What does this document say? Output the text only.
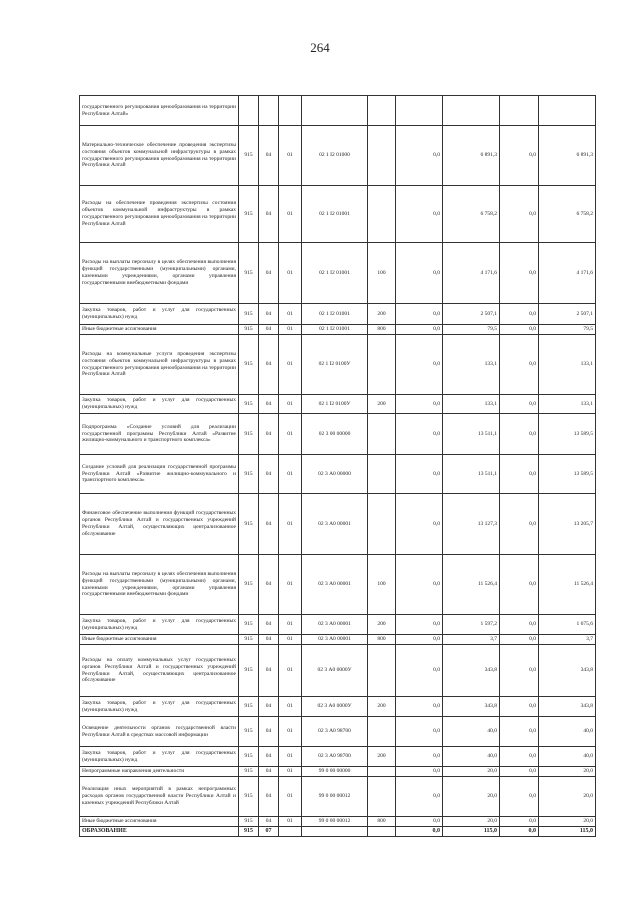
264
государственного регулирования ценообразования на территории Республики Алтай»									
Материально-техническое обеспечение проведения экспертизы состояния объектов коммунальной инфраструктуры в рамках государственного регулирования ценообразования на территории Республики Алтай	915	04	01	02 1 I2 01000		0,0	6 891,3	0,0	6 891,3
Расходы на обеспечение проведения экспертизы состояния объектов коммунальной инфраструктуры в рамках государственного регулирования ценообразования на территории Республики Алтай	915	04	01	02 1 I2 01001		0,0	6 758,2	0,0	6 758,2
Расходы на выплаты персоналу в целях обеспечения выполнения функций государственными (муниципальными) органами, казенными учреждениями, органами управления государственными внебюджетными фондами	915	04	01	02 1 I2 01001	100	0,0	4 171,6	0,0	4 171,6
Закупка товаров, работ и услуг для государственных (муниципальных) нужд	915	04	01	02 1 I2 01001	200	0,0	2 507,1	0,0	2 507,1
Иные бюджетные ассигнования	915	04	01	02 1 I2 01001	800	0,0	79,5	0,0	79,5
Расходы на коммунальные услуги проведения экспертизы состояния объектов коммунальной инфраструктуры в рамках государственного регулирования ценообразования на территории Республики Алтай	915	04	01	02 1 I2 0100У		0,0	133,1	0,0	133,1
Закупка товаров, работ и услуг для государственных (муниципальных) нужд	915	04	01	02 1 I2 0100У	200	0,0	133,1	0,0	133,1
Подпрограмма «Создание условий для реализации государственной программы Республики Алтай «Развитие жилищно-коммунального и транспортного комплекса»	915	04	01	02 3 00 00000		0,0	13 511,1	0,0	13 589,5
Создание условий для реализации государственной программы Республики Алтай «Развитие жилищно-коммунального и транспортного комплекса»	915	04	01	02 3 А0 00000		0,0	13 511,1	0,0	13 589,5
Финансовое обеспечение выполнения функций государственных органов Республики Алтай и государственных учреждений Республики Алтай, осуществляющих централизованное обслуживание	915	04	01	02 3 А0 00001		0,0	13 127,3	0,0	13 205,7
Расходы на выплаты персоналу в целях обеспечения выполнения функций государственными (муниципальными) органами, казенными учреждениями, органами управления государственными внебюджетными фондами	915	04	01	02 3 А0 00001	100	0,0	11 526,4	0,0	11 526,4
Закупка товаров, работ и услуг для государственных (муниципальных) нужд	915	04	01	02 3 А0 00001	200	0,0	1 597,2	0,0	1 675,6
Иные бюджетные ассигнования	915	04	01	02 3 А0 00001	800	0,0	3,7	0,0	3,7
Расходы на оплату коммунальных услуг государственных органов Республики Алтай и государственных учреждений Республики Алтай, осуществляющих централизованное обслуживание	915	04	01	02 3 А0 0000У		0,0	343,8	0,0	343,8
Закупка товаров, работ и услуг для государственных (муниципальных) нужд	915	04	01	02 3 А0 0000У	200	0,0	343,8	0,0	343,8
Освещение деятельности органов государственной власти Республики Алтай в средствах массовой информации	915	04	01	02 3 А0 98700		0,0	40,0	0,0	40,0
Закупка товаров, работ и услуг для государственных (муниципальных) нужд	915	04	01	02 3 А0 98700	200	0,0	40,0	0,0	40,0
Непрограммные направления деятельности	915	04	01	99 0 00 00000		0,0	20,0	0,0	20,0
Реализация иных мероприятий в рамках непрограммных расходов органов государственной власти Республики Алтай и казенных учреждений Республики Алтай	915	04	01	99 0 00 00012		0,0	20,0	0,0	20,0
Иные бюджетные ассигнования	915	04	01	99 0 00 00012	800	0,0	20,0	0,0	20,0
ОБРАЗОВАНИЕ	915	07				0,0	115,0	0,0	115,0
